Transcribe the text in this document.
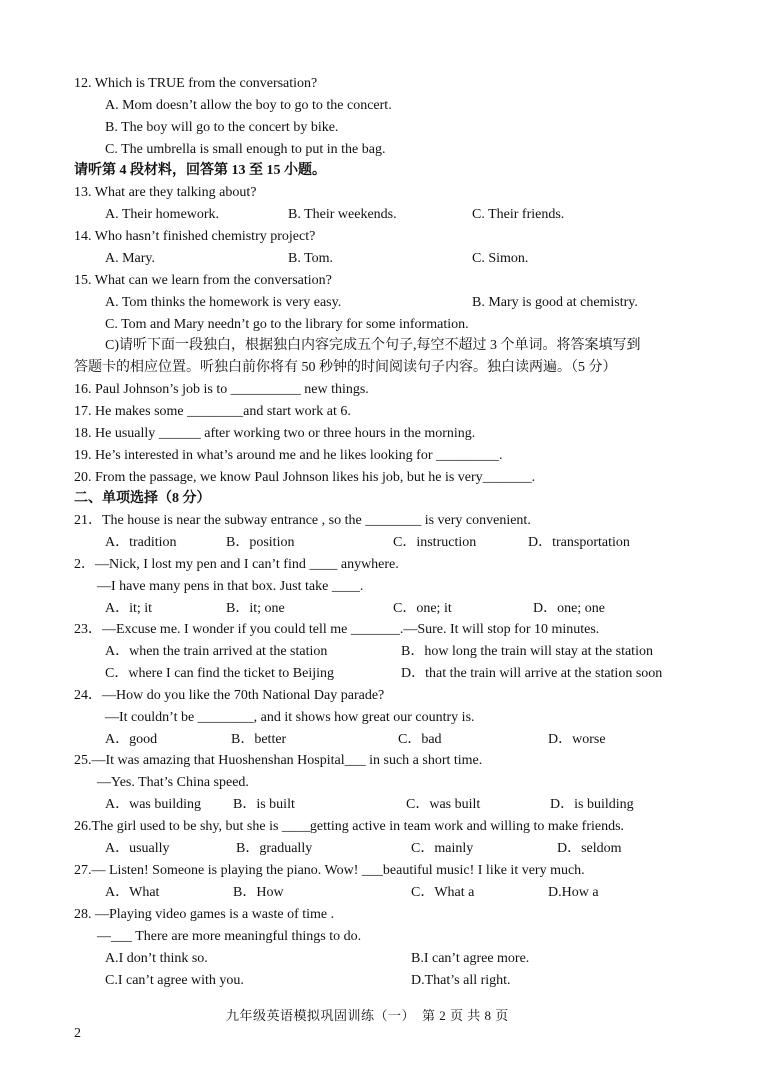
12. Which is TRUE from the conversation?
A. Mom doesn’t allow the boy to go to the concert.
B. The boy will go to the concert by bike.
C. The umbrella is small enough to put in the bag.
请听第 4 段材料，回答第 13 至 15 小题。
13. What are they talking about?
A. Their homework.	B. Their weekends.	C. Their friends.
14. Who hasn’t finished chemistry project?
A. Mary.	B. Tom.	C. Simon.
15. What can we learn from the conversation?
A. Tom thinks the homework is very easy.	B. Mary is good at chemistry.
C. Tom and Mary needn’t go to the library for some information.
C)请听下面一段独白，根据独白内容完成五个句子,每空不超过 3 个单词。将答案填写到
答题卡的相应位置。听独白前你将有 50 秒钟的时间阅读句子内容。独白读两遍。（5 分）
16. Paul Johnson’s job is to __________ new things.
17. He makes some ________and start work at 6.
18. He usually ______ after working two or three hours in the morning.
19. He’s interested in what’s around me and he likes looking for _________.
20. From the passage, we know Paul Johnson likes his job, but he is very_______.
二、单项选择（8 分）
21．The house is near the subway entrance , so the ________ is very convenient.
A．tradition	B．position	C．instruction	D．transportation
2．—Nick, I lost my pen and I can’t find ____ anywhere.
—I have many pens in that box. Just take ____.
A．it; it	B．it; one	C．one; it	D．one; one
23．—Excuse me. I wonder if you could tell me _______.—Sure. It will stop for 10 minutes.
A．when the train arrived at the station	B．how long the train will stay at the station
C．where I can find the ticket to Beijing	D．that the train will arrive at the station soon
24．—How do you like the 70th National Day parade?
—It couldn’t be ________, and it shows how great our country is.
A．good	B．better	C．bad	D．worse
25.—It was amazing that Huoshenshan Hospital___ in such a short time.
—Yes. That’s China speed.
A．was building B．is built	C．was built	D．is building
26.The girl used to be shy, but she is ____getting active in team work and willing to make friends.
A．usually	B．gradually	C．mainly	D．seldom
27.— Listen! Someone is playing the piano. Wow! ___beautiful music! I like it very much.
A．What	B．How	C．What a	D.How a
28. —Playing video games is a waste of time .
—___ There are more meaningful things to do.
A.I don’t think so.	B.I can’t agree more.
C.I can’t agree with you.	D.That’s all right.
九年级英语模拟巩固训练（一）　第 2 页 共 8 页
2
